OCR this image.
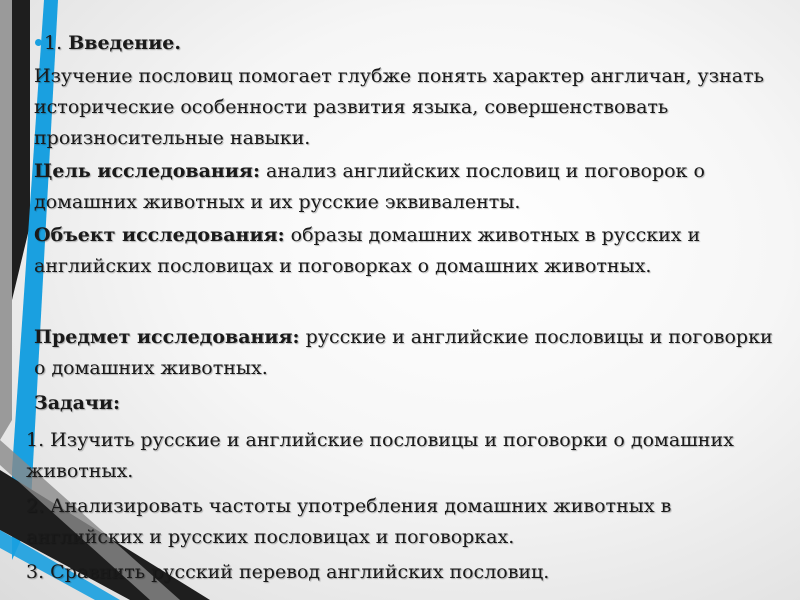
1. Введение.

Изучение пословиц помогает глубже понять характер англичан, узнать исторические особенности развития языка, совершенствовать произносительные навыки.

Цель исследования: анализ английских пословиц и поговорок о домашних животных и их русские эквиваленты.

Объект исследования: образы домашних животных в русских и английских пословицах и поговорках о домашних животных.

Предмет исследования: русские и английские пословицы и поговорки о домашних животных.

Задачи:

1. Изучить русские и английские пословицы и поговорки о домашних животных.

2. Анализировать частоты употребления домашних животных в английских и русских пословицах и поговорках.

3. Сравнить русский перевод английских пословиц.
